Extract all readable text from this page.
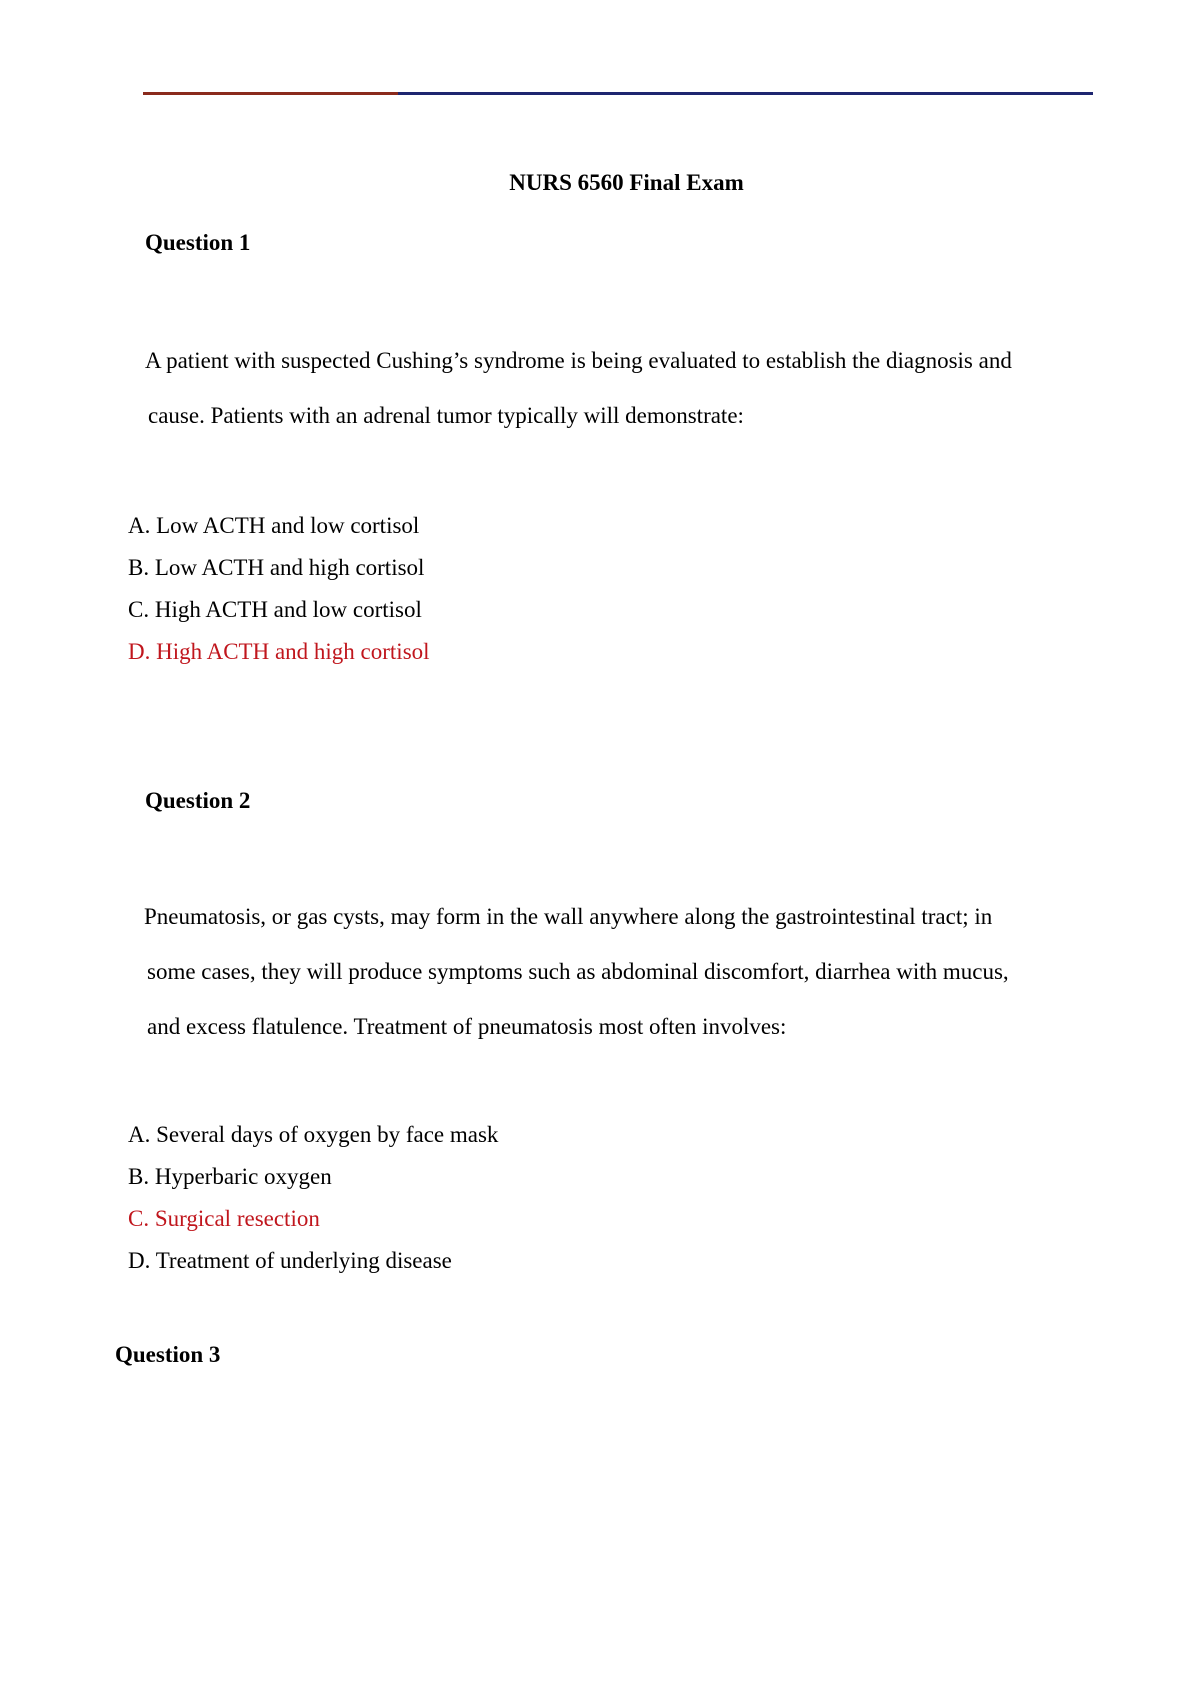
NURS 6560 Final Exam
Question 1
A patient with suspected Cushing’s syndrome is being evaluated to establish the diagnosis and
cause. Patients with an adrenal tumor typically will demonstrate:
A. Low ACTH and low cortisol
B. Low ACTH and high cortisol
C. High ACTH and low cortisol
D. High ACTH and high cortisol
Question 2
Pneumatosis, or gas cysts, may form in the wall anywhere along the gastrointestinal tract; in
some cases, they will produce symptoms such as abdominal discomfort, diarrhea with mucus,
and excess flatulence. Treatment of pneumatosis most often involves:
A. Several days of oxygen by face mask
B. Hyperbaric oxygen
C. Surgical resection
D. Treatment of underlying disease
Question 3
